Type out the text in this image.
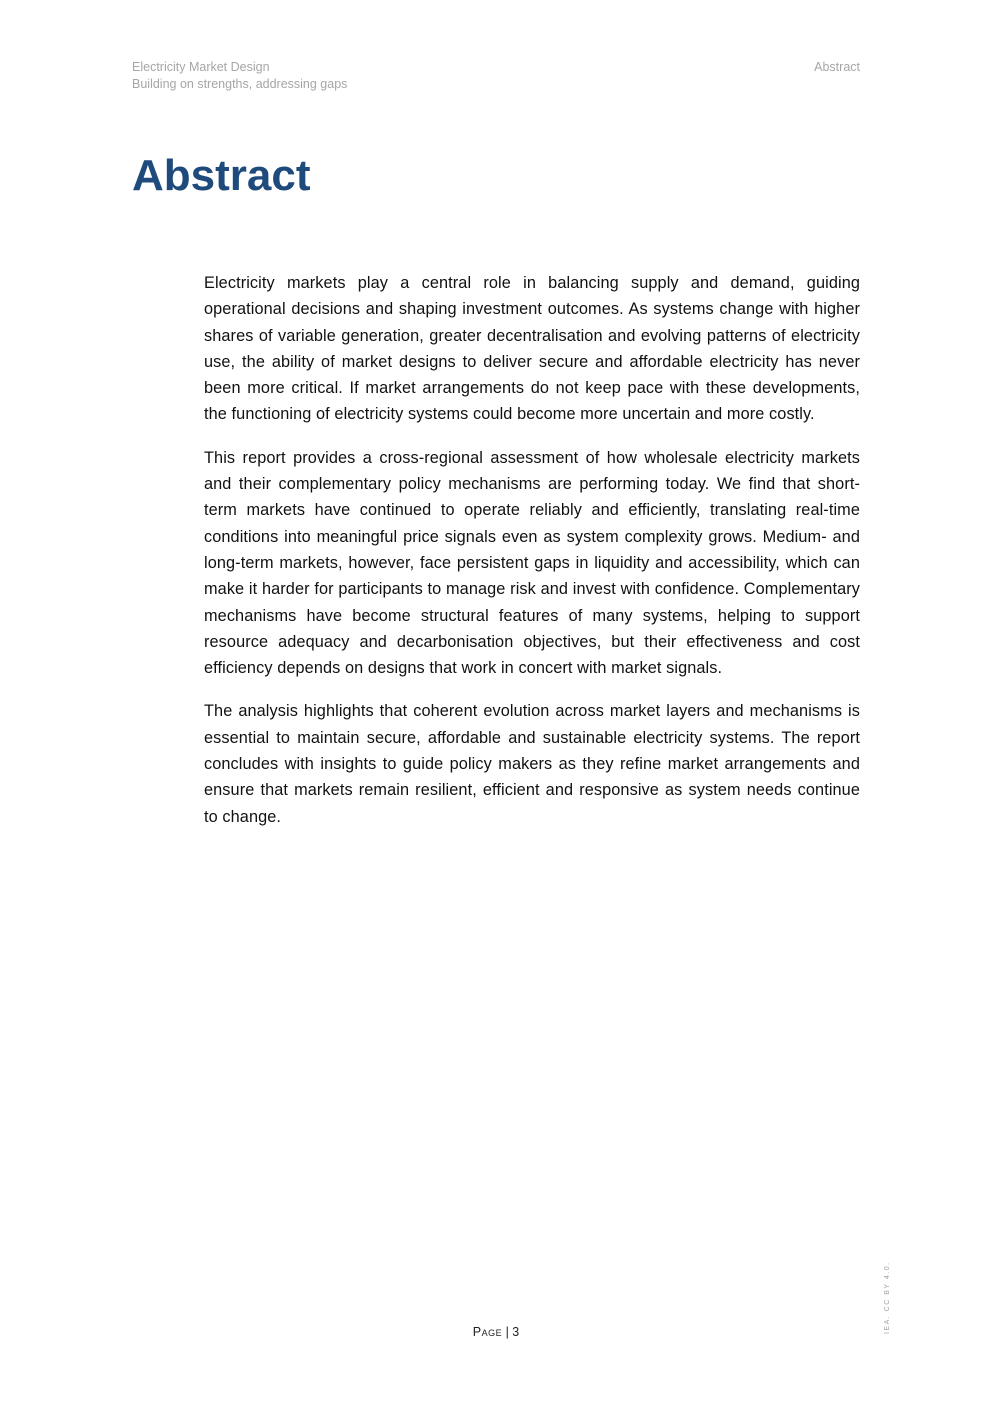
Electricity Market Design
Building on strengths, addressing gaps
Abstract
Abstract

Electricity markets play a central role in balancing supply and demand, guiding operational decisions and shaping investment outcomes. As systems change with higher shares of variable generation, greater decentralisation and evolving patterns of electricity use, the ability of market designs to deliver secure and affordable electricity has never been more critical. If market arrangements do not keep pace with these developments, the functioning of electricity systems could become more uncertain and more costly.

This report provides a cross-regional assessment of how wholesale electricity markets and their complementary policy mechanisms are performing today. We find that short-term markets have continued to operate reliably and efficiently, translating real-time conditions into meaningful price signals even as system complexity grows. Medium- and long-term markets, however, face persistent gaps in liquidity and accessibility, which can make it harder for participants to manage risk and invest with confidence. Complementary mechanisms have become structural features of many systems, helping to support resource adequacy and decarbonisation objectives, but their effectiveness and cost efficiency depends on designs that work in concert with market signals.

The analysis highlights that coherent evolution across market layers and mechanisms is essential to maintain secure, affordable and sustainable electricity systems. The report concludes with insights to guide policy makers as they refine market arrangements and ensure that markets remain resilient, efficient and responsive as system needs continue to change.

Page | 3	IEA. CC BY 4.0.
